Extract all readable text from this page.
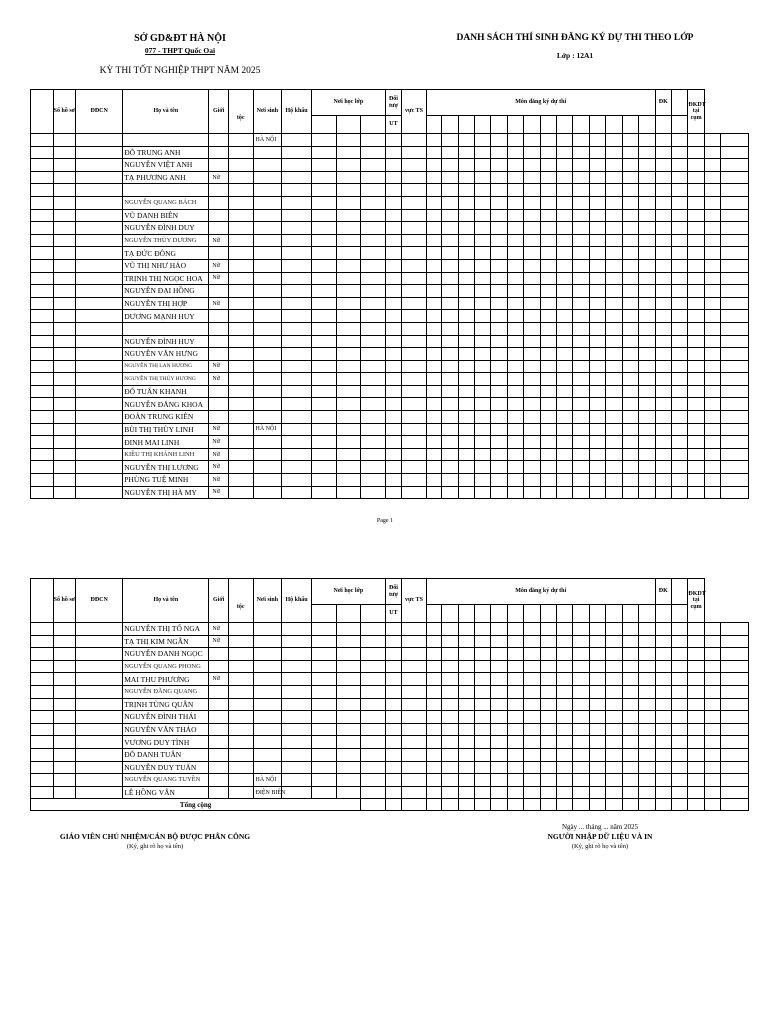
SỞ GD&ĐT HÀ NỘI
077 - THPT Quốc Oai
KỲ THI TỐT NGHIỆP THPT NĂM 2025
DANH SÁCH THÍ SINH ĐĂNG KÝ DỰ THI THEO LỚP
Lớp : 12A1
	Số hồ sơ	ĐĐCN	Họ và tên	Giới	tộc	Nơi sinh	Hộ khẩu	Nơi học lớp			Đối tượ	vực TS	Môn đăng ký dự thi														ĐK		ĐKDT tại cụm		

											UT																				
						HÀ NỘI																									
			ĐỖ TRUNG ANH																												
			NGUYỄN VIỆT ANH																												
			TẠ PHƯƠNG ANH	Nữ																											

			NGUYỄN QUANG BÁCH																												
			VŨ DANH BIÊN																												
			NGUYỄN ĐÌNH DUY																												
			NGUYỄN THÙY DƯƠNG	Nữ																											
			TẠ ĐỨC ĐÔNG																												
			VŨ THỊ NHƯ HẢO	Nữ																											
			TRỊNH THỊ NGỌC HOA	Nữ																											
			NGUYỄN ĐẠI HỒNG																												
			NGUYỄN THỊ HỢP	Nữ																											
			DƯƠNG MẠNH HUY																												

			NGUYỄN ĐÌNH HUY																												
			NGUYỄN VĂN HƯNG																												
			NGUYỄN THỊ LAN HƯƠNG	Nữ																											
			NGUYỄN THỊ THÙY HƯƠNG	Nữ																											
			ĐỖ TUẤN KHANH																												
			NGUYỄN ĐĂNG KHOA																												
			ĐOÀN TRUNG KIÊN																												
			BÙI THỊ THÙY LINH	Nữ		HÀ NỘI																									
			ĐINH MAI LINH	Nữ																											
			KIỀU THỊ KHÁNH LINH	Nữ																											
			NGUYỄN THỊ LƯƠNG	Nữ																											
			PHÙNG TUỆ MINH	Nữ																											
			NGUYỄN THỊ HÀ MY	Nữ																											
Page 1
	Số hồ sơ	ĐĐCN	Họ và tên	Giới	tộc	Nơi sinh	Hộ khẩu	Nơi học lớp			Đối tượ	vực TS	Môn đăng ký dự thi														ĐK		ĐKDT tại cụm		

											UT																				
			NGUYỄN THỊ TỐ NGA	Nữ																											
			TẠ THỊ KIM NGÂN	Nữ																											
			NGUYỄN DANH NGỌC																												
			NGUYỄN QUANG PHONG																												
			MAI THU PHƯƠNG	Nữ																											
			NGUYỄN ĐĂNG QUANG																												
			TRỊNH TÙNG QUÂN																												
			NGUYỄN ĐÌNH THÁI																												
			NGUYỄN VĂN THẢO																												
			VƯƠNG DUY TÌNH																												
			ĐỖ DANH TUÂN																												
			NGUYỄN DUY TUẤN																												
			NGUYỄN QUANG TUYỀN			HÀ NỘI																									
			LÊ HỒNG VÂN			ĐIỆN BIÊN																									
Tổng cộng																															
GIÁO VIÊN CHỦ NHIỆM/CÁN BỘ ĐƯỢC PHÂN CÔNG
(Ký, ghi rõ họ và tên)
Ngày ... tháng ... năm 2025
NGƯỜI NHẬP DỮ LIỆU VÀ IN
(Ký, ghi rõ họ và tên)
